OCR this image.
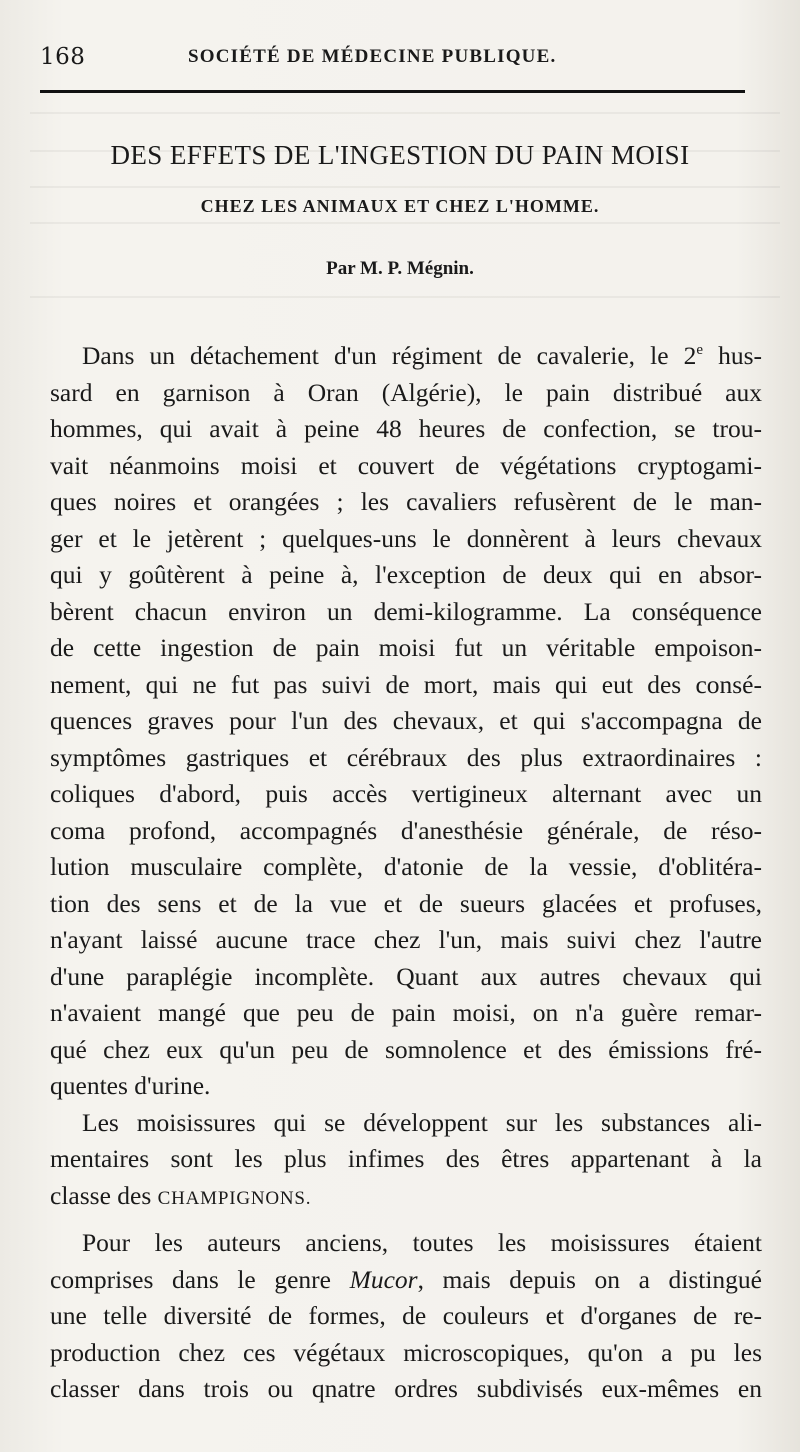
168	SOCIÉTÉ DE MÉDECINE PUBLIQUE.
DES EFFETS DE L'INGESTION DU PAIN MOISI
CHEZ LES ANIMAUX ET CHEZ L'HOMME.
Par M. P. Mégnin.
Dans un détachement d'un régiment de cavalerie, le 2e hus-
sard en garnison à Oran (Algérie), le pain distribué aux
hommes, qui avait à peine 48 heures de confection, se trou-
vait néanmoins moisi et couvert de végétations cryptogami-
ques noires et orangées ; les cavaliers refusèrent de le man-
ger et le jetèrent ; quelques-uns le donnèrent à leurs chevaux
qui y goûtèrent à peine à, l'exception de deux qui en absor-
bèrent chacun environ un demi-kilogramme. La conséquence
de cette ingestion de pain moisi fut un véritable empoison-
nement, qui ne fut pas suivi de mort, mais qui eut des consé-
quences graves pour l'un des chevaux, et qui s'accompagna de
symptômes gastriques et cérébraux des plus extraordinaires :
coliques d'abord, puis accès vertigineux alternant avec un
coma profond, accompagnés d'anesthésie générale, de réso-
lution musculaire complète, d'atonie de la vessie, d'oblitéra-
tion des sens et de la vue et de sueurs glacées et profuses,
n'ayant laissé aucune trace chez l'un, mais suivi chez l'autre
d'une paraplégie incomplète. Quant aux autres chevaux qui
n'avaient mangé que peu de pain moisi, on n'a guère remar-
qué chez eux qu'un peu de somnolence et des émissions fré-
quentes d'urine.
Les moisissures qui se développent sur les substances ali-
mentaires sont les plus infimes des êtres appartenant à la
classe des CHAMPIGNONS.
Pour les auteurs anciens, toutes les moisissures étaient
comprises dans le genre Mucor, mais depuis on a distingué
une telle diversité de formes, de couleurs et d'organes de re-
production chez ces végétaux microscopiques, qu'on a pu les
classer dans trois ou qnatre ordres subdivisés eux-mêmes en
